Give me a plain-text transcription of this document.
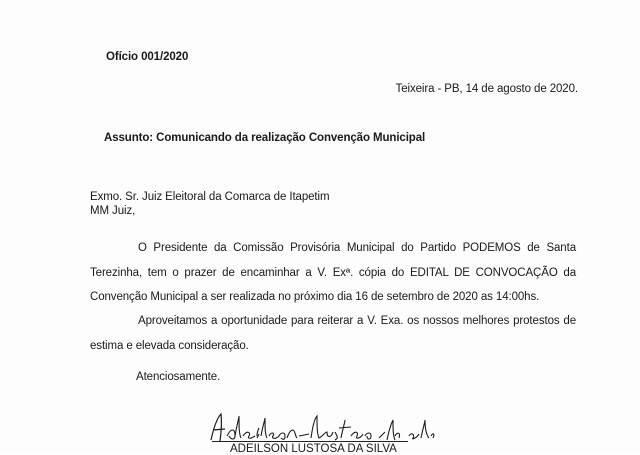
Ofício 001/2020
Teixeira - PB, 14 de agosto de 2020.
Assunto: Comunicando da realização Convenção Municipal
Exmo. Sr. Juiz Eleitoral da Comarca de Itapetim
MM Juiz,
O Presidente da Comissão Provisória Municipal do Partido PODEMOS de Santa Terezinha, tem o prazer de encaminhar a V. Exª. cópia do EDITAL DE CONVOCAÇÃO da Convenção Municipal a ser realizada no próximo dia 16 de setembro de 2020 as 14:00hs.
Aproveitamos a oportunidade para reiterar a V. Exa. os nossos melhores protestos de estima e elevada consideração.
Atenciosamente.
ADEILSON LUSTOSA DA SILVA
